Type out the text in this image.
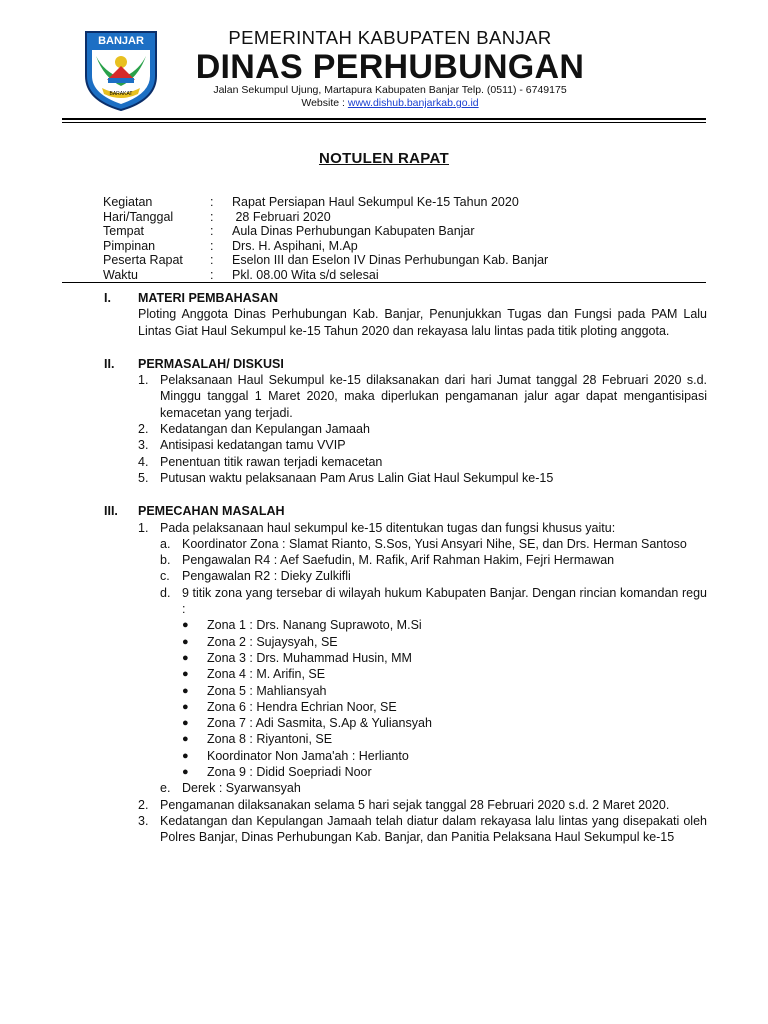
BANJAR
BARAKAT
PEMERINTAH KABUPATEN BANJAR
DINAS PERHUBUNGAN
Jalan Sekumpul Ujung, Martapura Kabupaten Banjar Telp. (0511) - 6749175
Website : www.dishub.banjarkab.go.id
NOTULEN RAPAT
Kegiatan	: Rapat Persiapan Haul Sekumpul Ke-15 Tahun 2020
Hari/Tanggal	: 28 Februari 2020
Tempat	: Aula Dinas Perhubungan Kabupaten Banjar
Pimpinan	: Drs. H. Aspihani, M.Ap
Peserta Rapat : Eselon III dan Eselon IV Dinas Perhubungan Kab. Banjar
Waktu	: Pkl. 08.00 Wita s/d selesai
I.	MATERI PEMBAHASAN
Ploting Anggota Dinas Perhubungan Kab. Banjar, Penunjukkan Tugas dan Fungsi pada PAM Lalu Lintas Giat Haul Sekumpul ke-15 Tahun 2020 dan rekayasa lalu lintas pada titik ploting anggota.
II.	PERMASALAH/ DISKUSI
1. Pelaksanaan Haul Sekumpul ke-15 dilaksanakan dari hari Jumat tanggal 28 Februari 2020 s.d. Minggu tanggal 1 Maret 2020, maka diperlukan pengamanan jalur agar dapat mengantisipasi kemacetan yang terjadi.
2. Kedatangan dan Kepulangan Jamaah
3. Antisipasi kedatangan tamu VVIP
4. Penentuan titik rawan terjadi kemacetan
5. Putusan waktu pelaksanaan Pam Arus Lalin Giat Haul Sekumpul ke-15
III.	PEMECAHAN MASALAH
1. Pada pelaksanaan haul sekumpul ke-15 ditentukan tugas dan fungsi khusus yaitu:
a. Koordinator Zona : Slamat Rianto, S.Sos, Yusi Ansyari Nihe, SE, dan Drs. Herman Santoso
b. Pengawalan R4 : Aef Saefudin, M. Rafik, Arif Rahman Hakim, Fejri Hermawan
c. Pengawalan R2 : Dieky Zulkifli
d. 9 titik zona yang tersebar di wilayah hukum Kabupaten Banjar. Dengan rincian komandan regu :
●	Zona 1 : Drs. Nanang Suprawoto, M.Si
●	Zona 2 : Sujaysyah, SE
●	Zona 3 : Drs. Muhammad Husin, MM
●	Zona 4 : M. Arifin, SE
●	Zona 5 : Mahliansyah
●	Zona 6 : Hendra Echrian Noor, SE
●	Zona 7 : Adi Sasmita, S.Ap & Yuliansyah
●	Zona 8 : Riyantoni, SE
●	Koordinator Non Jama'ah : Herlianto
●	Zona 9 : Didid Soepriadi Noor
e. Derek : Syarwansyah
2. Pengamanan dilaksanakan selama 5 hari sejak tanggal 28 Februari 2020 s.d. 2 Maret 2020.
3. Kedatangan dan Kepulangan Jamaah telah diatur dalam rekayasa lalu lintas yang disepakati oleh Polres Banjar, Dinas Perhubungan Kab. Banjar, dan Panitia Pelaksana Haul Sekumpul ke-15
